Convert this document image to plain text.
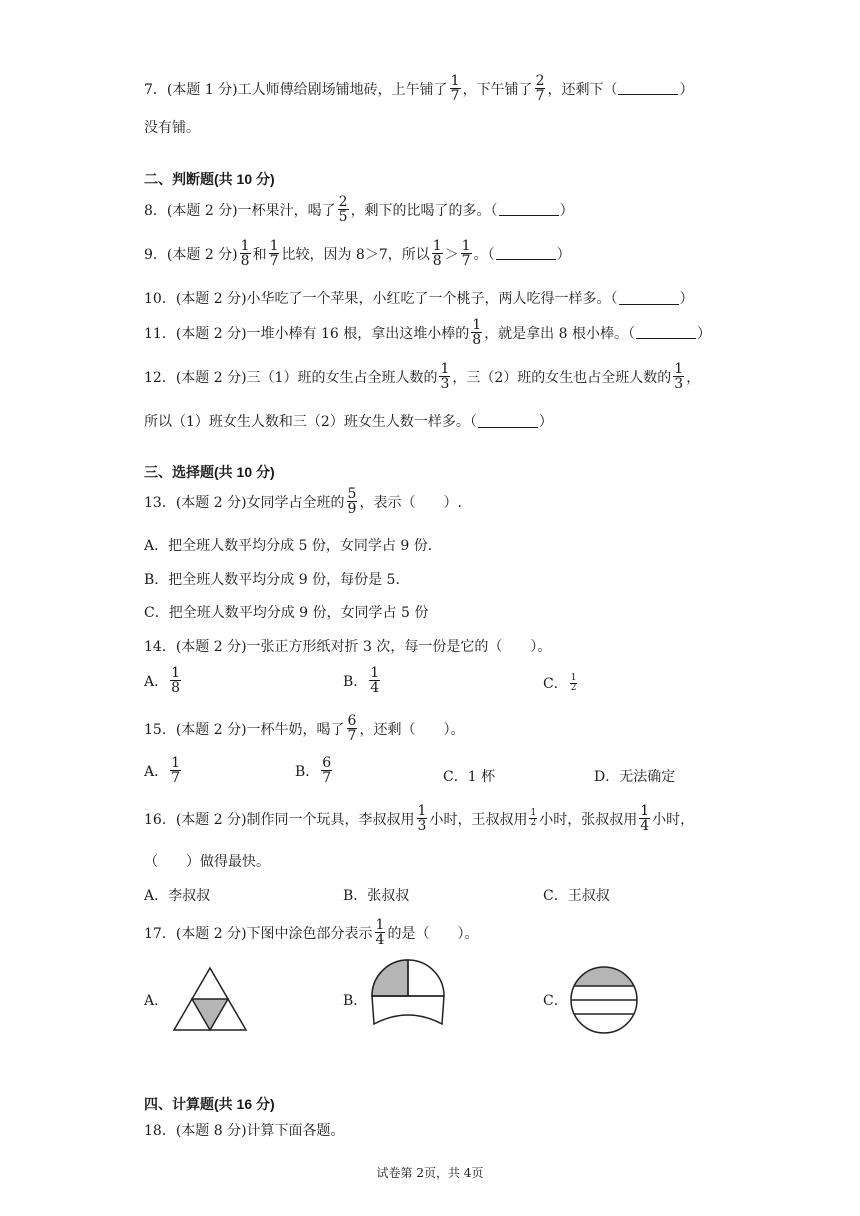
7．(本题 1 分)工人师傅给剧场铺地砖，上午铺了 $\frac{1}{7}$ ，下午铺了 $\frac{2}{7}$ ，还剩下（	）
没有铺。
二、判断题(共 10 分)
8．(本题 2 分)一杯果汁，喝了 $\frac{2}{5}$ ，剩下的比喝了的多。（	）
9．(本题 2 分) $\frac{1}{8}$ 和 $\frac{1}{7}$ 比较，因为 8＞7，所以 $\frac{1}{8} > \frac{1}{7}$ 。（	）
10．(本题 2 分)小华吃了一个苹果，小红吃了一个桃子，两人吃得一样多。（	）
11．(本题 2 分)一堆小棒有 16 根，拿出这堆小棒的 $\frac{1}{8}$ ，就是拿出 8 根小棒。（	）
12．(本题 2 分)三（1）班的女生占全班人数的 $\frac{1}{3}$ ，三（2）班的女生也占全班人数的 $\frac{1}{3}$ ，
所以（1）班女生人数和三（2）班女生人数一样多。（	）
三、选择题(共 10 分)
13．(本题 2 分)女同学占全班的 $\frac{5}{9}$ ，表示（　　）.
A．把全班人数平均分成 5 份，女同学占 9 份.
B．把全班人数平均分成 9 份，每份是 5.
C．把全班人数平均分成 9 份，女同学占 5 份
14．(本题 2 分)一张正方形纸对折 3 次，每一份是它的（　　）。
A． $\frac{1}{8}$	B． $\frac{1}{4}$	C． $\frac{1}{2}$
15．(本题 2 分)一杯牛奶，喝了 $\frac{6}{7}$ ，还剩（　　）。
A． $\frac{1}{7}$	B． $\frac{6}{7}$	C．1 杯	D．无法确定
16．(本题 2 分)制作同一个玩具，李叔叔用 $\frac{1}{3}$ 小时，王叔叔用 $\frac{1}{2}$ 小时，张叔叔用 $\frac{1}{4}$ 小时，
（　　）做得最快。
A．李叔叔	B．张叔叔	C．王叔叔
17．(本题 2 分)下图中涂色部分表示 $\frac{1}{4}$ 的是（　　）。
A．	B．	C．
四、计算题(共 16 分)
18．(本题 8 分)计算下面各题。
试卷第 2页，共 4页
